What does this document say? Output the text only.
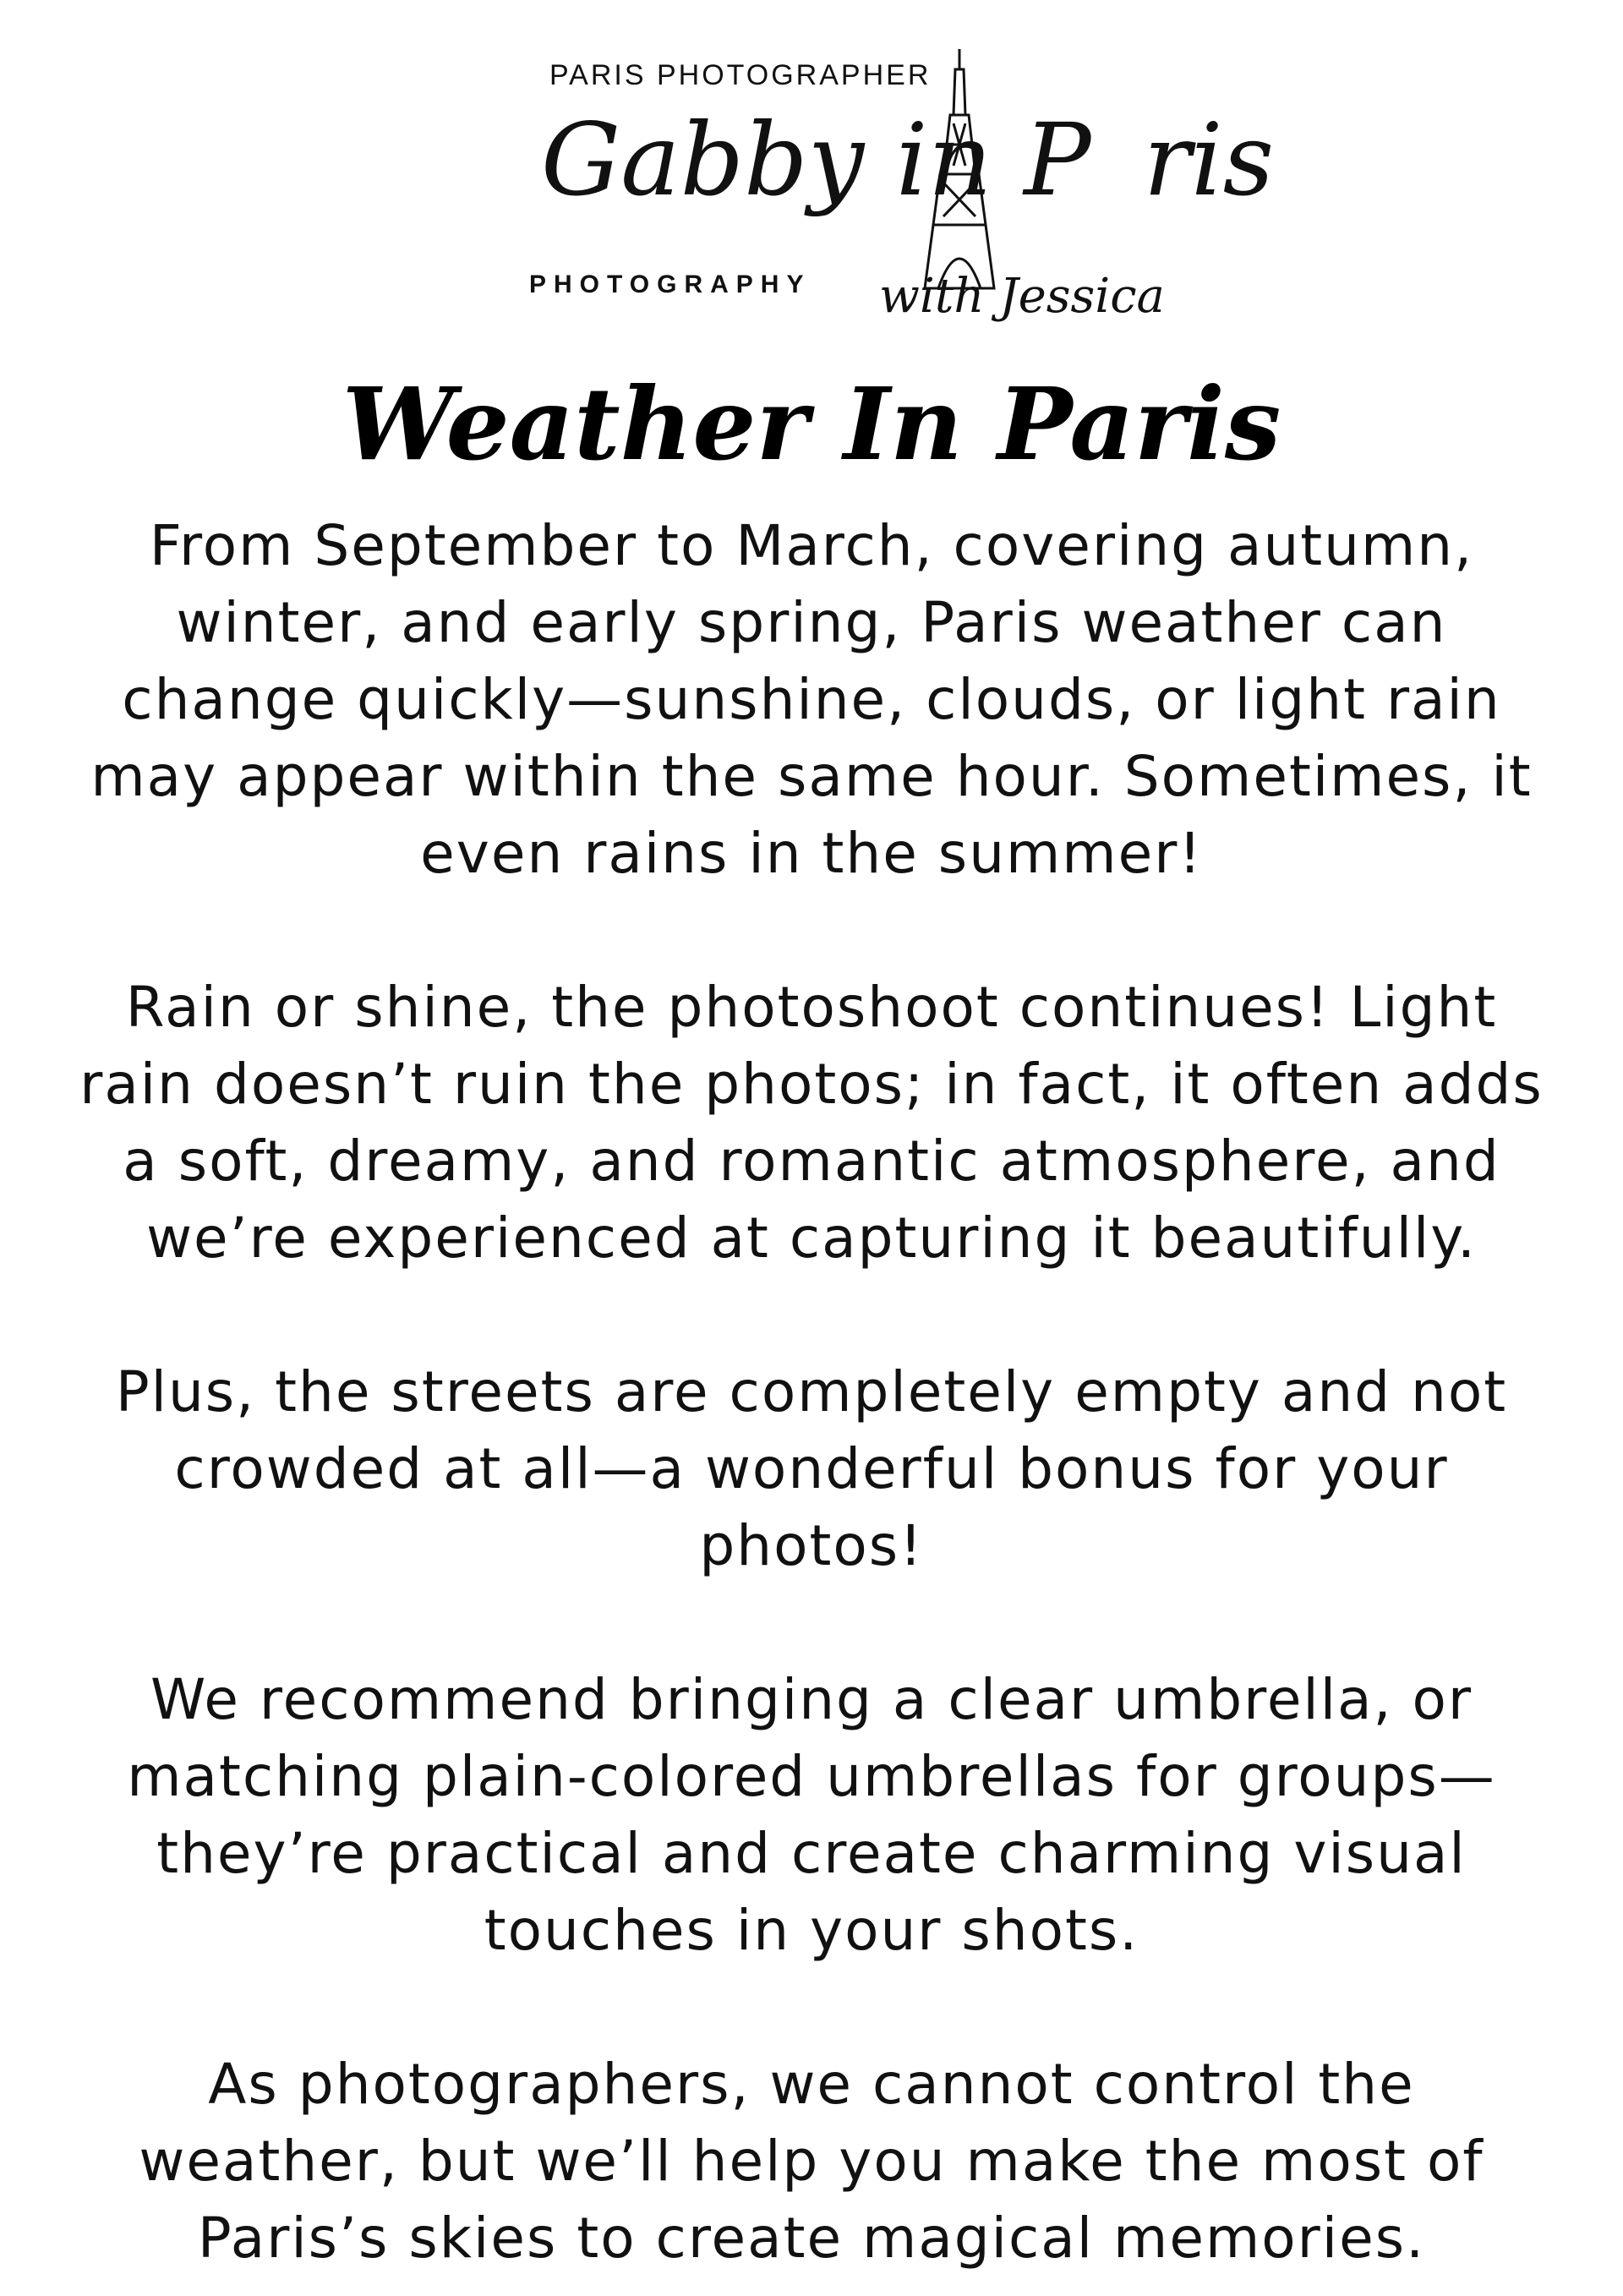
PARIS PHOTOGRAPHER
Gabby in P ris
PHOTOGRAPHY with Jessica
Weather In Paris

From September to March, covering autumn,
winter, and early spring, Paris weather can
change quickly—sunshine, clouds, or light rain
may appear within the same hour. Sometimes, it
even rains in the summer!

Rain or shine, the photoshoot continues! Light
rain doesn’t ruin the photos; in fact, it often adds
a soft, dreamy, and romantic atmosphere, and
we’re experienced at capturing it beautifully.

Plus, the streets are completely empty and not
crowded at all—a wonderful bonus for your
photos!

We recommend bringing a clear umbrella, or
matching plain-colored umbrellas for groups—
they’re practical and create charming visual
touches in your shots.

As photographers, we cannot control the
weather, but we’ll help you make the most of
Paris’s skies to create magical memories.
